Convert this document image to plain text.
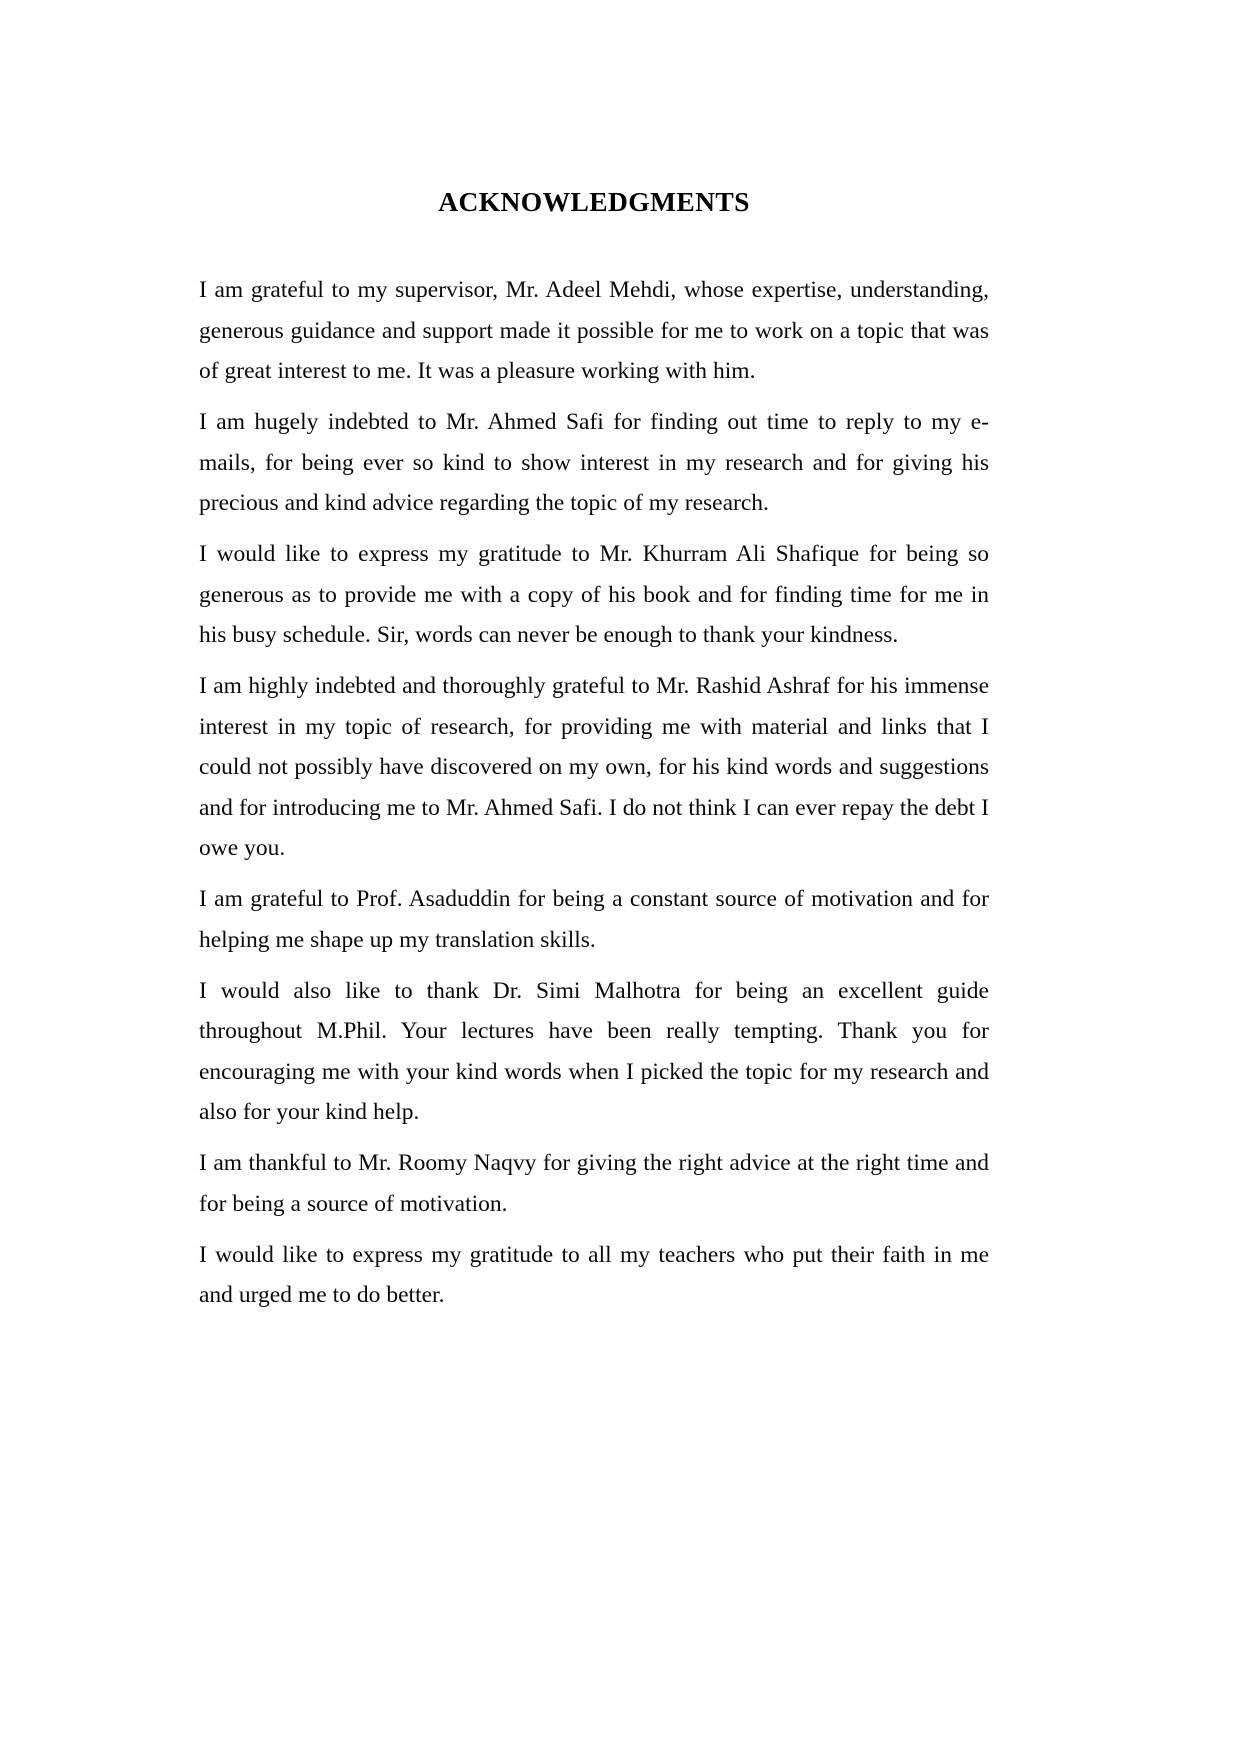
ACKNOWLEDGMENTS

I am grateful to my supervisor, Mr. Adeel Mehdi, whose expertise, understanding, generous guidance and support made it possible for me to work on a topic that was of great interest to me. It was a pleasure working with him.

I am hugely indebted to Mr. Ahmed Safi for finding out time to reply to my e-mails, for being ever so kind to show interest in my research and for giving his precious and kind advice regarding the topic of my research.

I would like to express my gratitude to Mr. Khurram Ali Shafique for being so generous as to provide me with a copy of his book and for finding time for me in his busy schedule. Sir, words can never be enough to thank your kindness.

I am highly indebted and thoroughly grateful to Mr. Rashid Ashraf for his immense interest in my topic of research, for providing me with material and links that I could not possibly have discovered on my own, for his kind words and suggestions and for introducing me to Mr. Ahmed Safi. I do not think I can ever repay the debt I owe you.

I am grateful to Prof. Asaduddin for being a constant source of motivation and for helping me shape up my translation skills.

I would also like to thank Dr. Simi Malhotra for being an excellent guide throughout M.Phil. Your lectures have been really tempting. Thank you for encouraging me with your kind words when I picked the topic for my research and also for your kind help.

I am thankful to Mr. Roomy Naqvy for giving the right advice at the right time and for being a source of motivation.

I would like to express my gratitude to all my teachers who put their faith in me and urged me to do better.
